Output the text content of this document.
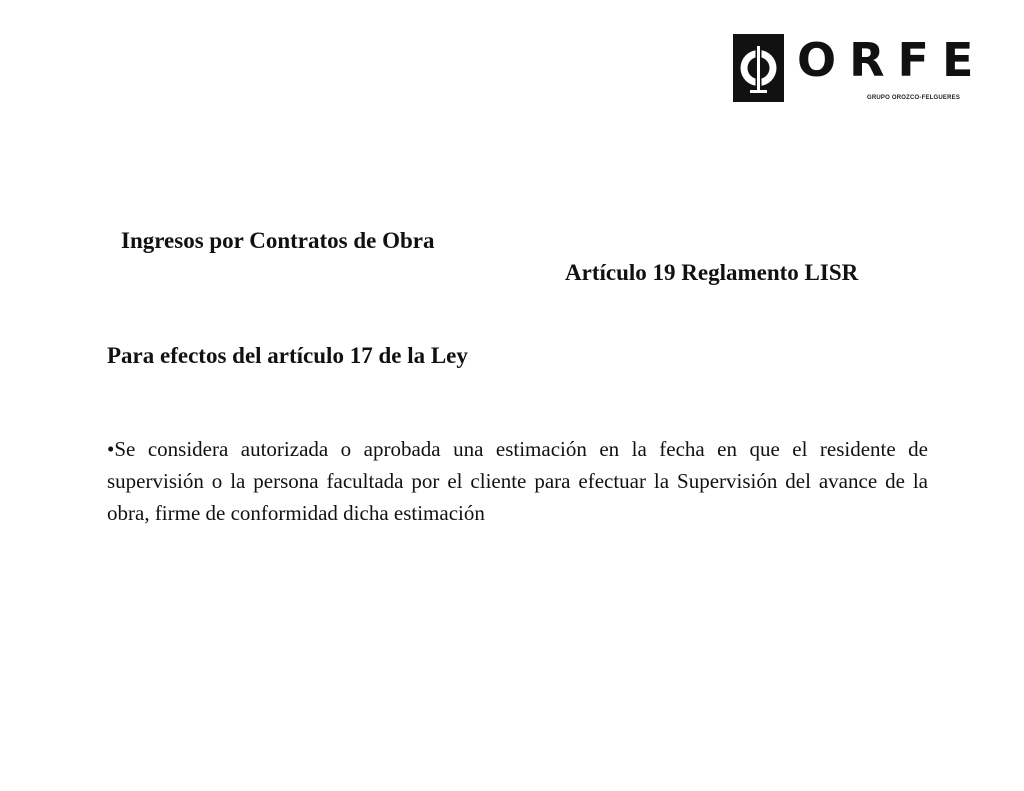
ORFE
GRUPO OROZCO-FELGUERES
Ingresos por Contratos de Obra
Artículo 19 Reglamento LISR
Para efectos del artículo 17 de la Ley
•Se considera autorizada o aprobada una estimación en la fecha en que el residente de supervisión o la persona facultada por el cliente para efectuar la Supervisión del avance de la obra, firme de conformidad dicha estimación
